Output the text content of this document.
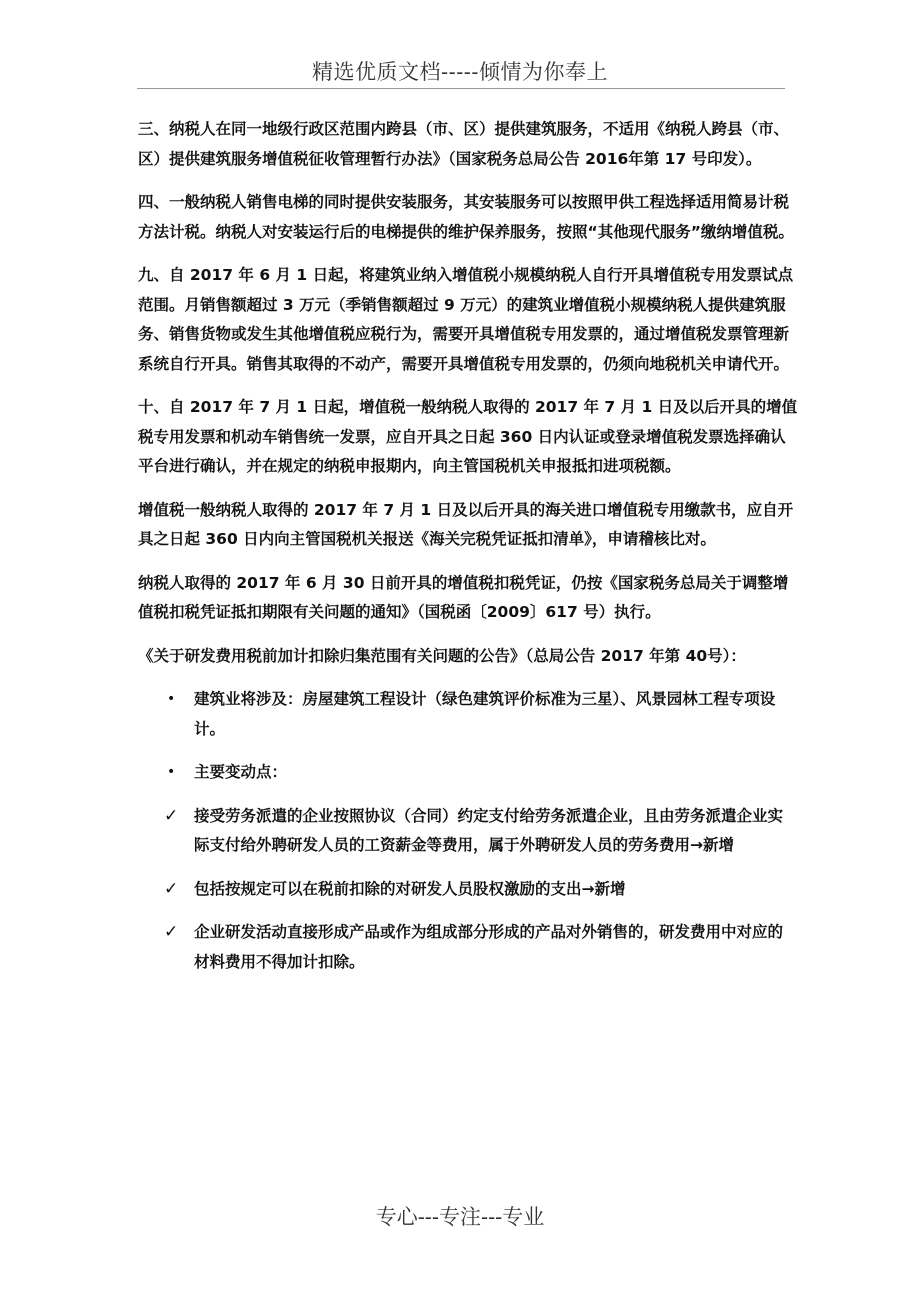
精选优质文档-----倾情为你奉上

三、纳税人在同一地级行政区范围内跨县（市、区）提供建筑服务，不适用《纳税人跨县（市、区）提供建筑服务增值税征收管理暂行办法》（国家税务总局公告 2016年第 17 号印发）。

四、一般纳税人销售电梯的同时提供安装服务，其安装服务可以按照甲供工程选择适用简易计税方法计税。纳税人对安装运行后的电梯提供的维护保养服务，按照“其他现代服务”缴纳增值税。

九、自 2017 年 6 月 1 日起，将建筑业纳入增值税小规模纳税人自行开具增值税专用发票试点范围。月销售额超过 3 万元（季销售额超过 9 万元）的建筑业增值税小规模纳税人提供建筑服务、销售货物或发生其他增值税应税行为，需要开具增值税专用发票的，通过增值税发票管理新系统自行开具。销售其取得的不动产，需要开具增值税专用发票的，仍须向地税机关申请代开。

十、自 2017 年 7 月 1 日起，增值税一般纳税人取得的 2017 年 7 月 1 日及以后开具的增值税专用发票和机动车销售统一发票，应自开具之日起 360 日内认证或登录增值税发票选择确认平台进行确认，并在规定的纳税申报期内，向主管国税机关申报抵扣进项税额。

增值税一般纳税人取得的 2017 年 7 月 1 日及以后开具的海关进口增值税专用缴款书，应自开具之日起 360 日内向主管国税机关报送《海关完税凭证抵扣清单》，申请稽核比对。

纳税人取得的 2017 年 6 月 30 日前开具的增值税扣税凭证，仍按《国家税务总局关于调整增值税扣税凭证抵扣期限有关问题的通知》（国税函〔2009〕617 号）执行。

《关于研发费用税前加计扣除归集范围有关问题的公告》（总局公告 2017 年第 40号）：

•	建筑业将涉及：房屋建筑工程设计（绿色建筑评价标准为三星）、风景园林工程专项设计。
•	主要变动点：
✓	接受劳务派遣的企业按照协议（合同）约定支付给劳务派遣企业，且由劳务派遣企业实际支付给外聘研发人员的工资薪金等费用，属于外聘研发人员的劳务费用→新增
✓	包括按规定可以在税前扣除的对研发人员股权激励的支出→新增
✓	企业研发活动直接形成产品或作为组成部分形成的产品对外销售的，研发费用中对应的材料费用不得加计扣除。
专心---专注---专业
